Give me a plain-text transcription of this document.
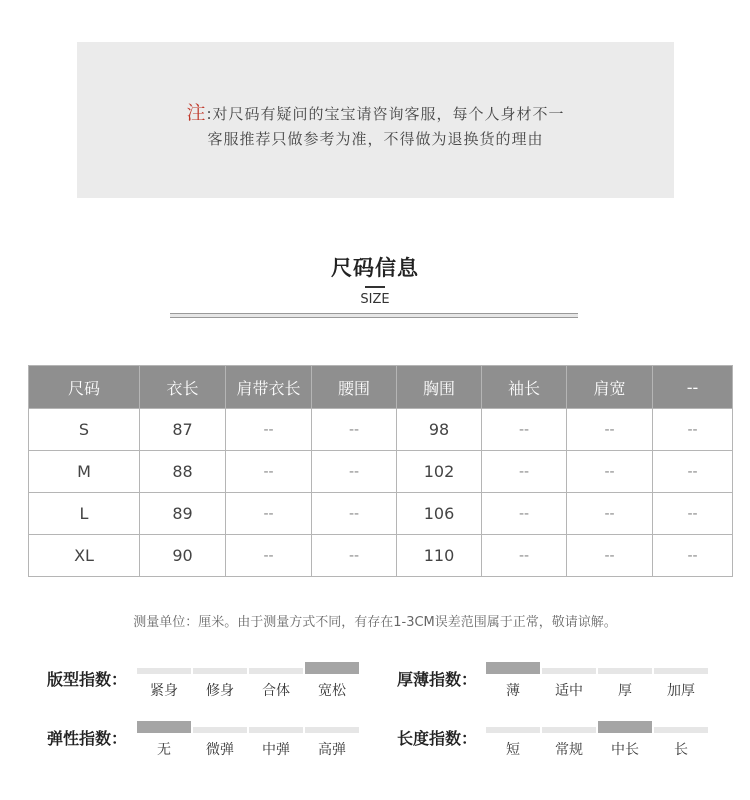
注:对尺码有疑问的宝宝请咨询客服，每个人身材不一
客服推荐只做参考为准，不得做为退换货的理由
尺码信息
SIZE
尺码	衣长	肩带衣长	腰围	胸围	袖长	肩宽	--
S	87	--	--	98	--	--	--
M	88	--	--	102	--	--	--
L	89	--	--	106	--	--	--
XL	90	--	--	110	--	--	--
测量单位：厘米。由于测量方式不同，有存在1-3CM误差范围属于正常，敬请谅解。
版型指数：
紧身	修身	合体	宽松
厚薄指数：
薄	适中	厚	加厚
弹性指数：
无	微弹	中弹	高弹
长度指数：
短	常规	中长	长
